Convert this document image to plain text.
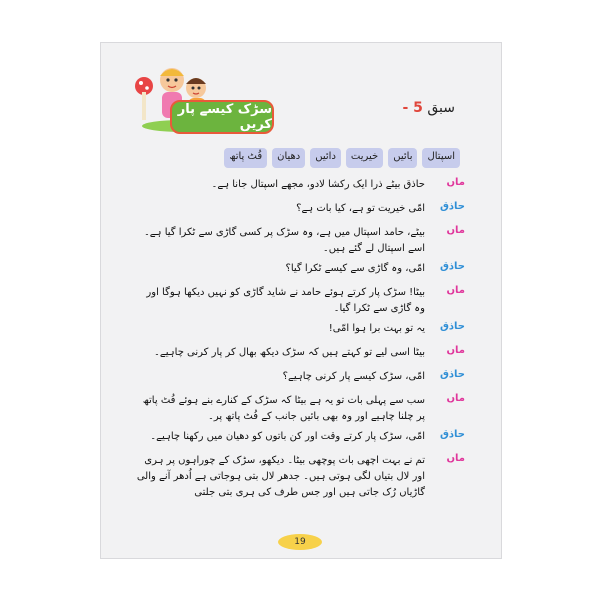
سڑک کیسے پار کریں
سبق 5 -
اسپتال
بائیں
خیریت
دائیں
دھیان
فُٹ پاتھ
ماں
حاذق بیٹے ذرا ایک رکشا لادو، مجھے اسپتال جانا ہے۔
حاذق
امّی خیریت تو ہے، کیا بات ہے؟
ماں
بیٹے، حامد اسپتال میں ہے، وہ سڑک پر کسی گاڑی سے ٹکرا گیا ہے۔ اسے اسپتال لے گئے ہیں۔
حاذق
امّی، وہ گاڑی سے کیسے ٹکرا گیا؟
ماں
بیٹا! سڑک پار کرتے ہوئے حامد نے شاید گاڑی کو نہیں دیکھا ہوگا اور وہ گاڑی سے ٹکرا گیا۔
حاذق
یہ تو بہت برا ہوا امّی!
ماں
بیٹا اسی لیے تو کہتے ہیں کہ سڑک دیکھ بھال کر پار کرنی چاہیے۔
حاذق
امّی، سڑک کیسے پار کرنی چاہیے؟
ماں
سب سے پہلی بات تو یہ ہے بیٹا کہ سڑک کے کنارے بنے ہوئے فُٹ پاتھ پر چلنا چاہیے اور وہ بھی بائیں جانب کے فُٹ پاتھ پر۔
حاذق
امّی، سڑک پار کرتے وقت اور کن باتوں کو دھیان میں رکھنا چاہیے۔
ماں
تم نے بہت اچھی بات پوچھی بیٹا۔ دیکھو، سڑک کے چوراہوں پر ہری اور لال بتیاں لگی ہوتی ہیں۔ جدھر لال بتی ہوجاتی ہے اُدھر آنے والی گاڑیاں رُک جاتی ہیں اور جس طرف کی ہری بتی جلتی
19
